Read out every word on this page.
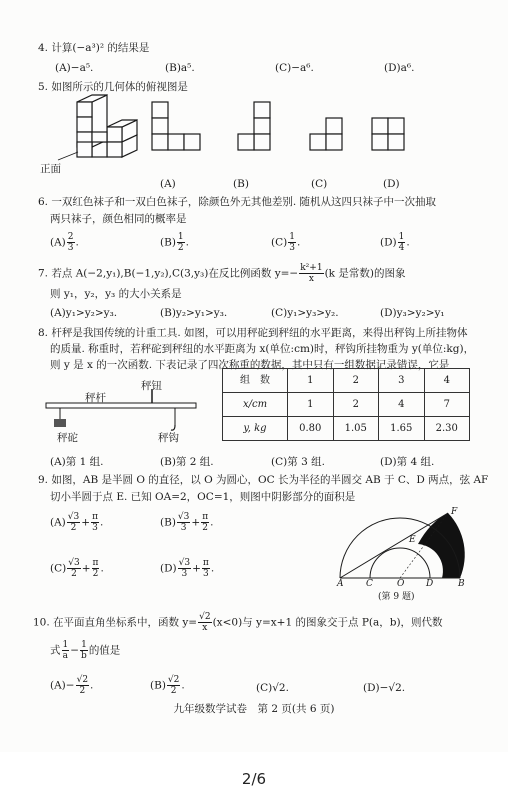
4. 计算(−a³)² 的结果是
(A)−a⁵.	(B)a⁵.	(C)−a⁶.	(D)a⁶.
5. 如图所示的几何体的俯视图是
正面
(A)	(B)	(C)	(D)
6. 一双红色袜子和一双白色袜子，除颜色外无其他差别. 随机从这四只袜子中一次抽取
两只袜子，颜色相同的概率是
$(A) \frac{2}{3}$ .	$(B) \frac{1}{2}$ .	$(C) \frac{1}{3}$ .	$(D) \frac{1}{4}$ .
7. 若点 A(−2,y₁),B(−1,y₂),C(3,y₃)在反比例函数 $y=- \frac{\text{k²+1}}{x} (k$ 是常数)的图象
则 y₁，y₂，y₃ 的大小关系是
(A)y₁>y₂>y₃.	(B)y₂>y₁>y₃.	(C)y₁>y₃>y₂.	(D)y₃>y₂>y₁
8. 杆秤是我国传统的计重工具. 如图，可以用秤砣到秤纽的水平距离，来得出秤钩上所挂物体
的质量. 称重时，若秤砣到秤纽的水平距离为 x(单位:cm)时，秤钩所挂物重为 y(单位:kg)，
则 y 是 x 的一次函数. 下表记录了四次称重的数据，其中只有一组数据记录错误，它是
秤钮
秤杆
秤砣	秤钩
组　数	1	2	3	4
x/cm	1	2	4	7
y, kg	0.80	1.05	1.65	2.30
(A)第 1 组.	(B)第 2 组.	(C)第 3 组.	(D)第 4 组.
9. 如图，AB 是半圆 O 的直径，以 O 为圆心，OC 长为半径的半圆交 AB 于 C、D 两点，弦 AF
切小半圆于点 E. 已知 OA=2，OC=1，则图中阴影部分的面积是
$(A) \frac{√3}{2} + \frac{\pi}{3}$ .	$(B) \frac{√3}{3} + \frac{\pi}{2}$ .
$(C) \frac{√3}{2} + \frac{\pi}{2}$ .	$(D) \frac{√3}{3} + \frac{\pi}{3}$ .
A	C	O D	B
E
F
(第 9 题)
10. 在平面直角坐标系中，函数 $y= \frac{√2}{x} (x<0)$与 y=x+1 的图象交于点 P(a，b)，则代数
式 $\frac{1}{a} - \frac{1}{b}$ 的值是
$(A)- \frac{√2}{2}$ .	$(B) \frac{√2}{2}$ .	(C)√2.	(D)−√2.
九年级数学试卷　第 2 页(共 6 页)
2/6
